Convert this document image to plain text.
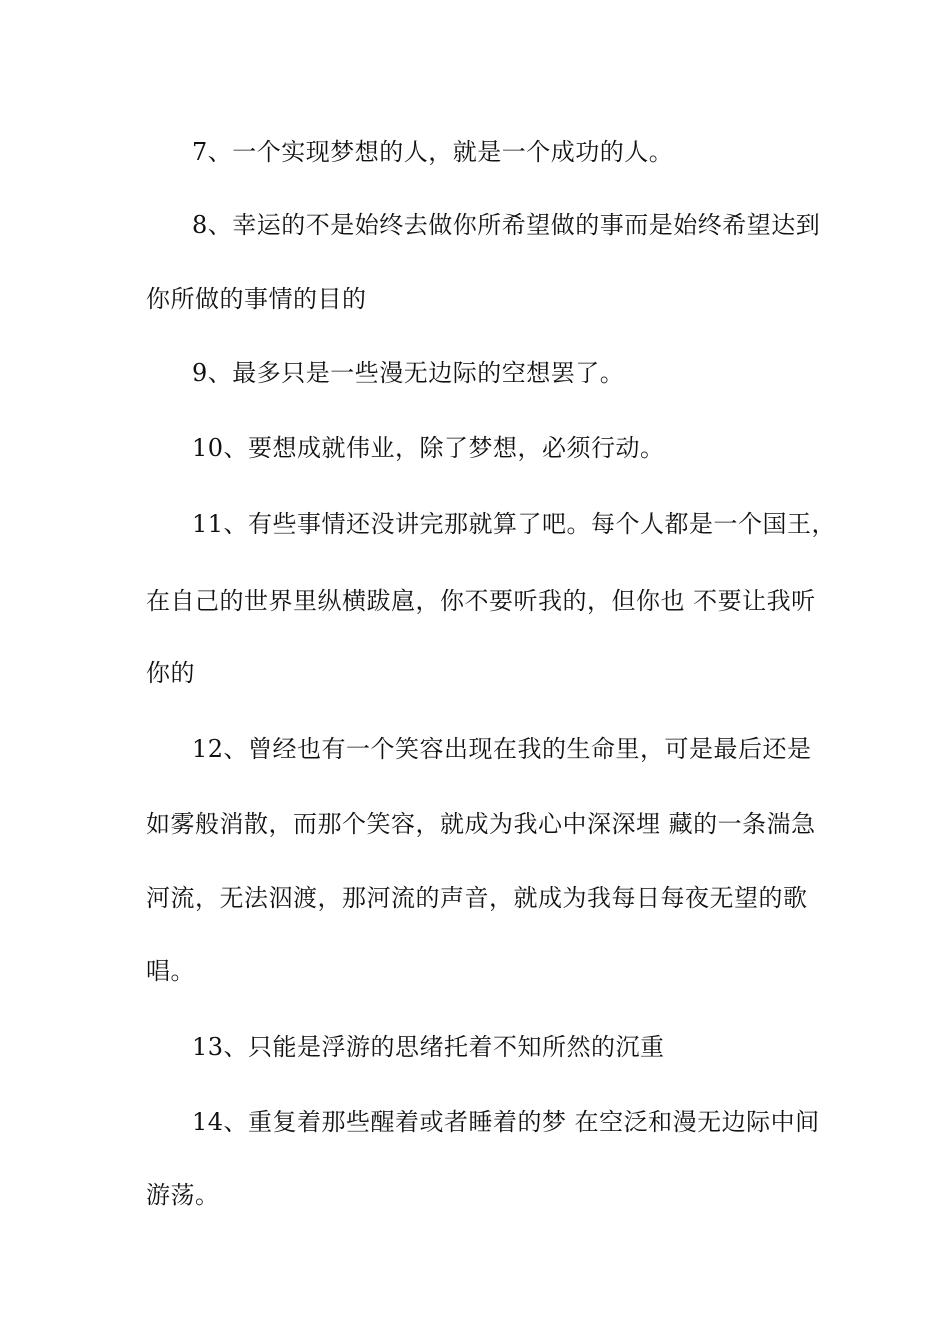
7、一个实现梦想的人，就是一个成功的人。
8、幸运的不是始终去做你所希望做的事而是始终希望达到
你所做的事情的目的
9、最多只是一些漫无边际的空想罢了。
10、要想成就伟业，除了梦想，必须行动。
11、有些事情还没讲完那就算了吧。每个人都是一个国王，
在自己的世界里纵横跋扈，你不要听我的，但你也 不要让我听
你的
12、曾经也有一个笑容出现在我的生命里，可是最后还是
如雾般消散，而那个笑容，就成为我心中深深埋 藏的一条湍急
河流，无法泅渡，那河流的声音，就成为我每日每夜无望的歌
唱。
13、只能是浮游的思绪托着不知所然的沉重
14、重复着那些醒着或者睡着的梦 在空泛和漫无边际中间
游荡。
